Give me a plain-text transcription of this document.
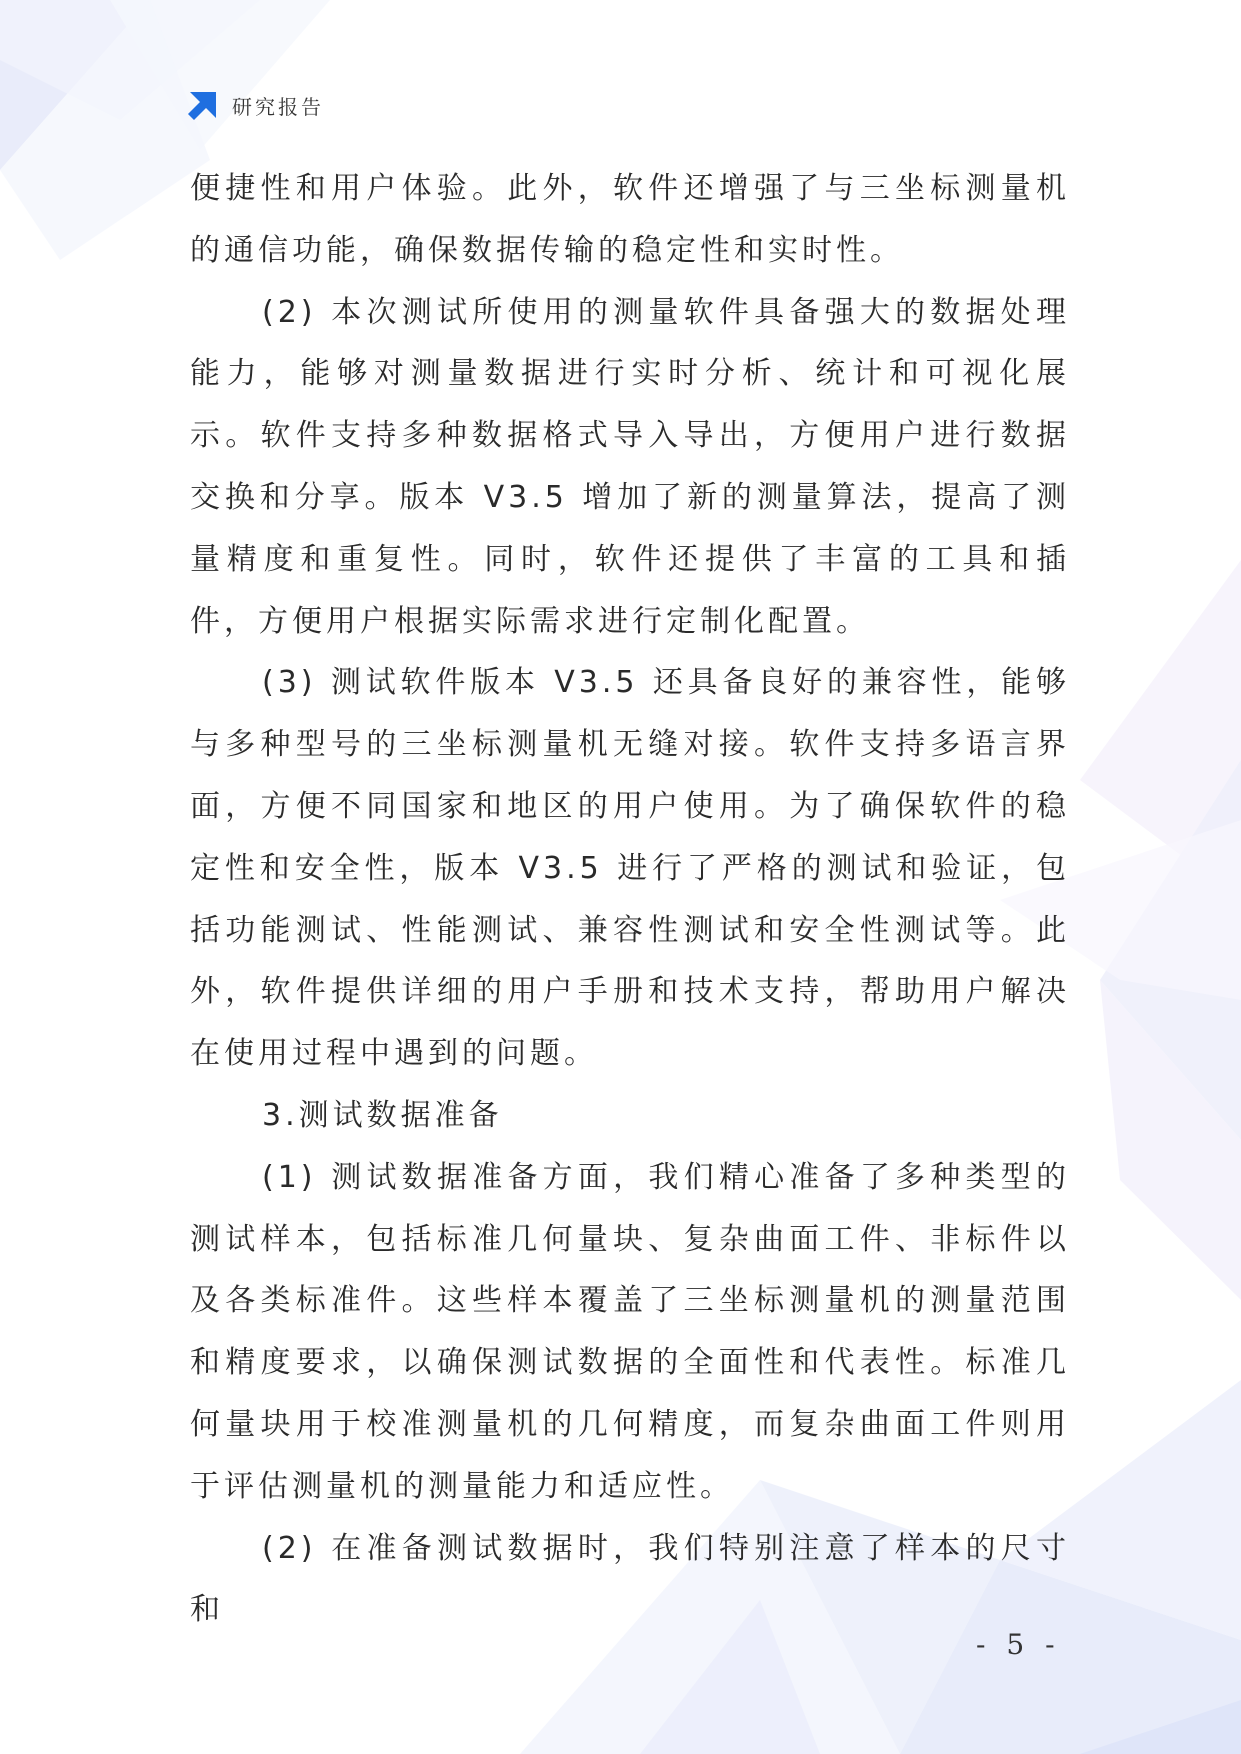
研究报告

便捷性和用户体验。此外，软件还增强了与三坐标测量机的通信功能，确保数据传输的稳定性和实时性。

(2) 本次测试所使用的测量软件具备强大的数据处理能力，能够对测量数据进行实时分析、统计和可视化展示。软件支持多种数据格式导入导出，方便用户进行数据交换和分享。版本 V3.5 增加了新的测量算法，提高了测量精度和重复性。同时，软件还提供了丰富的工具和插件，方便用户根据实际需求进行定制化配置。

(3) 测试软件版本 V3.5 还具备良好的兼容性，能够与多种型号的三坐标测量机无缝对接。软件支持多语言界面，方便不同国家和地区的用户使用。为了确保软件的稳定性和安全性，版本 V3.5 进行了严格的测试和验证，包括功能测试、性能测试、兼容性测试和安全性测试等。此外，软件提供详细的用户手册和技术支持，帮助用户解决在使用过程中遇到的问题。

3.测试数据准备

(1) 测试数据准备方面，我们精心准备了多种类型的测试样本，包括标准几何量块、复杂曲面工件、非标件以及各类标准件。这些样本覆盖了三坐标测量机的测量范围和精度要求，以确保测试数据的全面性和代表性。标准几何量块用于校准测量机的几何精度，而复杂曲面工件则用于评估测量机的测量能力和适应性。

(2) 在准备测试数据时，我们特别注意了样本的尺寸和

- 5 -
